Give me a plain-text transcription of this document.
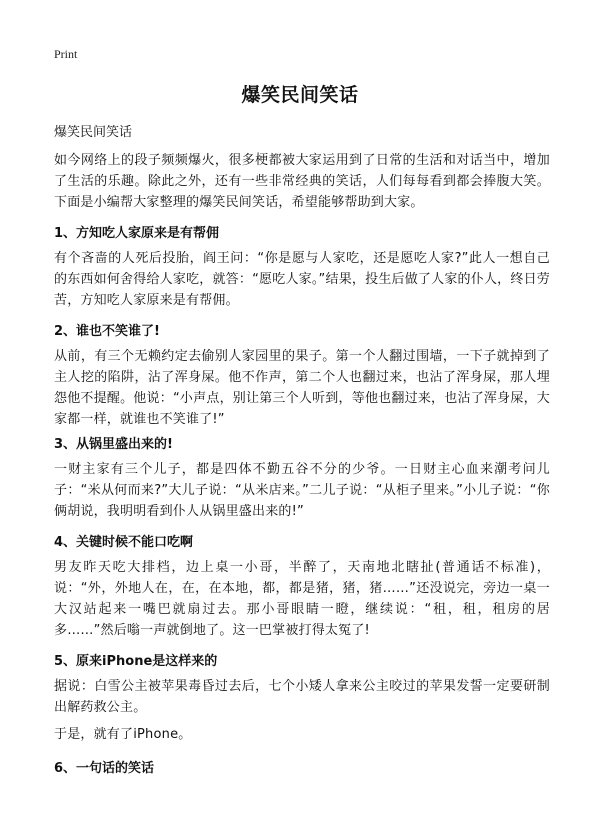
Print
爆笑民间笑话
爆笑民间笑话

如今网络上的段子频频爆火，很多梗都被大家运用到了日常的生活和对话当中，增加了生活的乐趣。除此之外，还有一些非常经典的笑话，人们每每看到都会捧腹大笑。下面是小编帮大家整理的爆笑民间笑话，希望能够帮助到大家。

1、方知吃人家原来是有帮佣

有个吝啬的人死后投胎，阎王问：“你是愿与人家吃，还是愿吃人家?”此人一想自己的东西如何舍得给人家吃，就答：“愿吃人家。”结果，投生后做了人家的仆人，终日劳苦，方知吃人家原来是有帮佣。

2、谁也不笑谁了!

从前，有三个无赖约定去偷别人家园里的果子。第一个人翻过围墙，一下子就掉到了主人挖的陷阱，沾了浑身屎。他不作声，第二个人也翻过来，也沾了浑身屎，那人埋怨他不提醒。他说：“小声点，别让第三个人听到，等他也翻过来，也沾了浑身屎，大家都一样，就谁也不笑谁了!”

3、从锅里盛出来的!

一财主家有三个儿子，都是四体不勤五谷不分的少爷。一日财主心血来潮考问儿子：“米从何而来?”大儿子说：“从米店来。”二儿子说：“从柜子里来。”小儿子说：“你俩胡说，我明明看到仆人从锅里盛出来的!”

4、关键时候不能口吃啊

男友昨天吃大排档，边上桌一小哥，半醉了，天南地北瞎扯(普通话不标准)，说：“外，外地人在，在，在本地，都，都是猪，猪，猪……”还没说完，旁边一桌一大汉站起来一嘴巴就扇过去。那小哥眼睛一瞪，继续说：“租，租，租房的居多……”然后嗡一声就倒地了。这一巴掌被打得太冤了!

5、原来iPhone是这样来的

据说：白雪公主被苹果毒昏过去后，七个小矮人拿来公主咬过的苹果发誓一定要研制出解药救公主。

于是，就有了iPhone。

6、一句话的笑话
